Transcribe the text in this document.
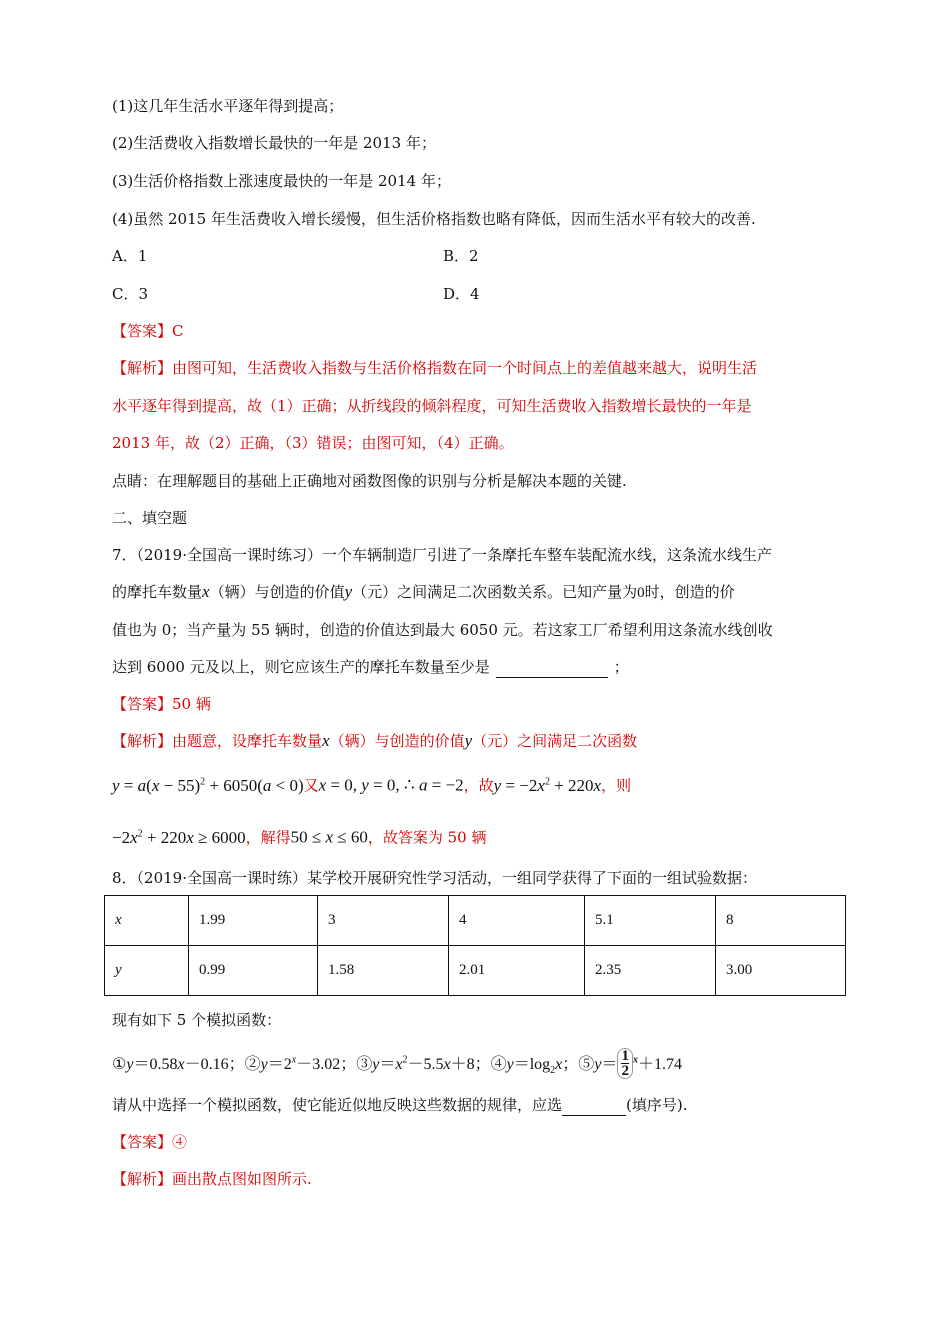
(1)这几年生活水平逐年得到提高；
(2)生活费收入指数增长最快的一年是 2013 年；
(3)生活价格指数上涨速度最快的一年是 2014 年；
(4)虽然 2015 年生活费收入增长缓慢，但生活价格指数也略有降低，因而生活水平有较大的改善.
A．1	B．2
C．3	D．4
【答案】C
【解析】由图可知，生活费收入指数与生活价格指数在同一个时间点上的差值越来越大，说明生活
水平逐年得到提高，故（1）正确；从折线段的倾斜程度，可知生活费收入指数增长最快的一年是
2013 年，故（2）正确，（3）错误；由图可知，（4）正确。
点睛：在理解题目的基础上正确地对函数图像的识别与分析是解决本题的关键.
二、填空题
7．（2019·全国高一课时练习）一个车辆制造厂引进了一条摩托车整车装配流水线，这条流水线生产
的摩托车数量x（辆）与创造的价值y（元）之间满足二次函数关系。已知产量为0时，创造的价
值也为 0；当产量为 55 辆时，创造的价值达到最大 6050 元。若这家工厂希望利用这条流水线创收
达到 6000 元及以上，则它应该生产的摩托车数量至少是	；
【答案】50 辆
【解析】由题意，设摩托车数量x（辆）与创造的价值y（元）之间满足二次函数
$y = a(x - 55)^2 + 6050(a < 0)$又x = 0, y = 0, ∴ a = −2，故$y = -2x^2 + 220x$，则
$-2x^2 + 220x \ge 6000$，解得50 ≤ x ≤ 60，故答案为 50 辆
8．（2019·全国高一课时练）某学校开展研究性学习活动，一组同学获得了下面的一组试验数据：
x	1.99	3	4	5.1	8
y	0.99	1.58	2.01	2.35	3.00
现有如下 5 个模拟函数：
①y＝0.58x－0.16；$②y=2^x-3.02$；$③y=x^2-5.5x+8$；$④y=\log_2x$；⑤y＝ $\frac{1}{2} ^x+1.74$
请从中选择一个模拟函数，使它能近似地反映这些数据的规律，应选	(填序号).
【答案】④
【解析】画出散点图如图所示.
